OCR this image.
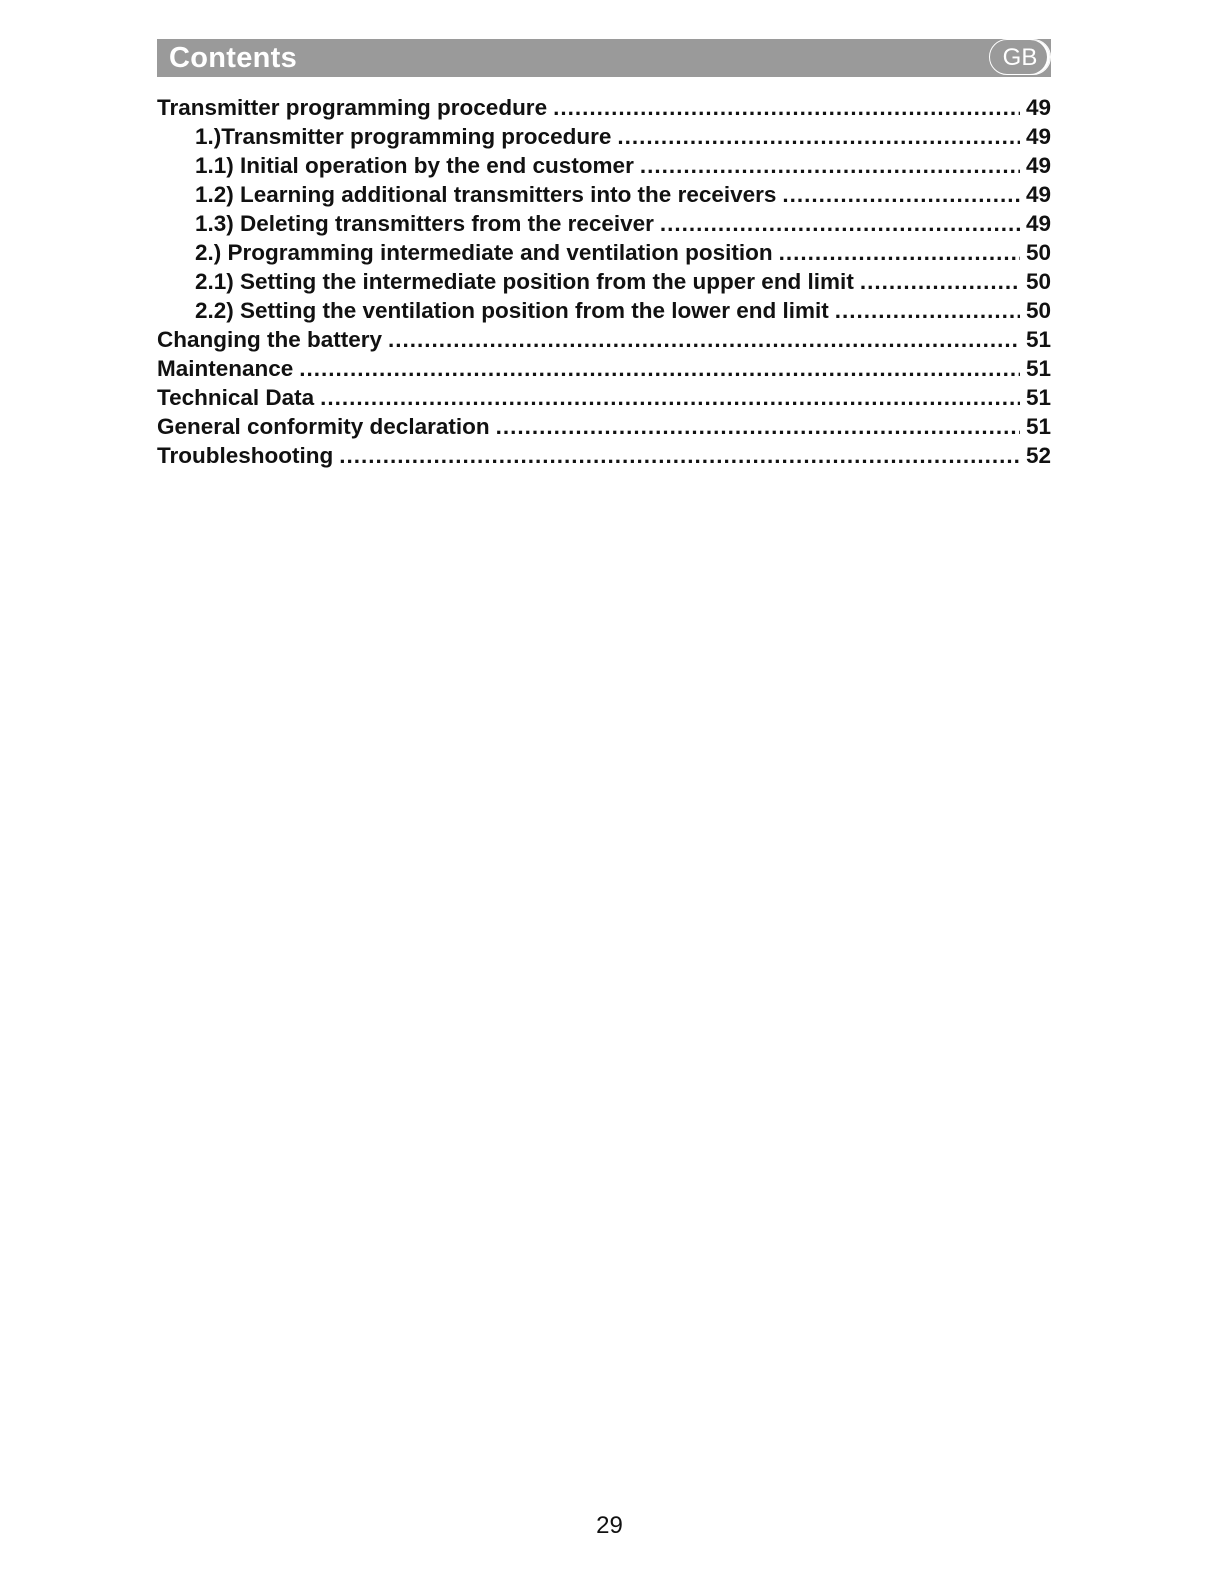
Contents	GB
Transmitter programming procedure .....	49
1.)Transmitter programming procedure .....	49
1.1) Initial operation by the end customer .....	49
1.2) Learning additional transmitters into the receivers .....	49
1.3) Deleting transmitters from the receiver .....	49
2.) Programming intermediate and ventilation position .....	50
2.1) Setting the intermediate position from the upper end limit .....	50
2.2) Setting the ventilation position from the lower end limit .....	50
Changing the battery .....	51
Maintenance .....	51
Technical Data .....	51
General conformity declaration .....	51
Troubleshooting .....	52
29
